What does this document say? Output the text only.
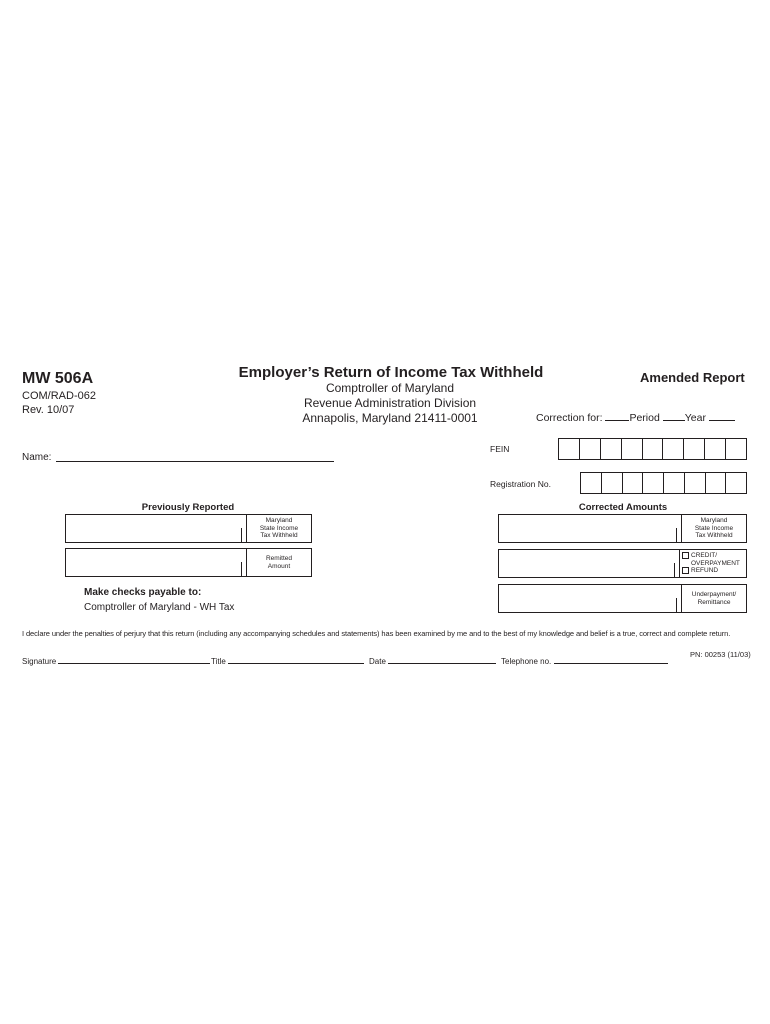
MW 506A
COM/RAD-062
Rev. 10/07
Employer’s Return of Income Tax Withheld
Comptroller of Maryland
Revenue Administration Division
Annapolis, Maryland 21411-0001
Amended Report
Correction for:	Period Year
Name:
FEIN
Registration No.
Previously Reported	Corrected Amounts
Maryland
State Income
Tax Withheld
Remitted
Amount
Maryland
State Income
Tax Withheld
CREDIT/
OVERPAYMENT
REFUND
Underpayment/
Remittance
Make checks payable to:
Comptroller of Maryland - WH Tax
I declare under the penalties of perjury that this return (including any accompanying schedules and statements) has been examined by me and to the best of my knowledge and belief is a true, correct and complete return.
Signature	Title	Date	Telephone no.
PN: 00253 (11/03)
